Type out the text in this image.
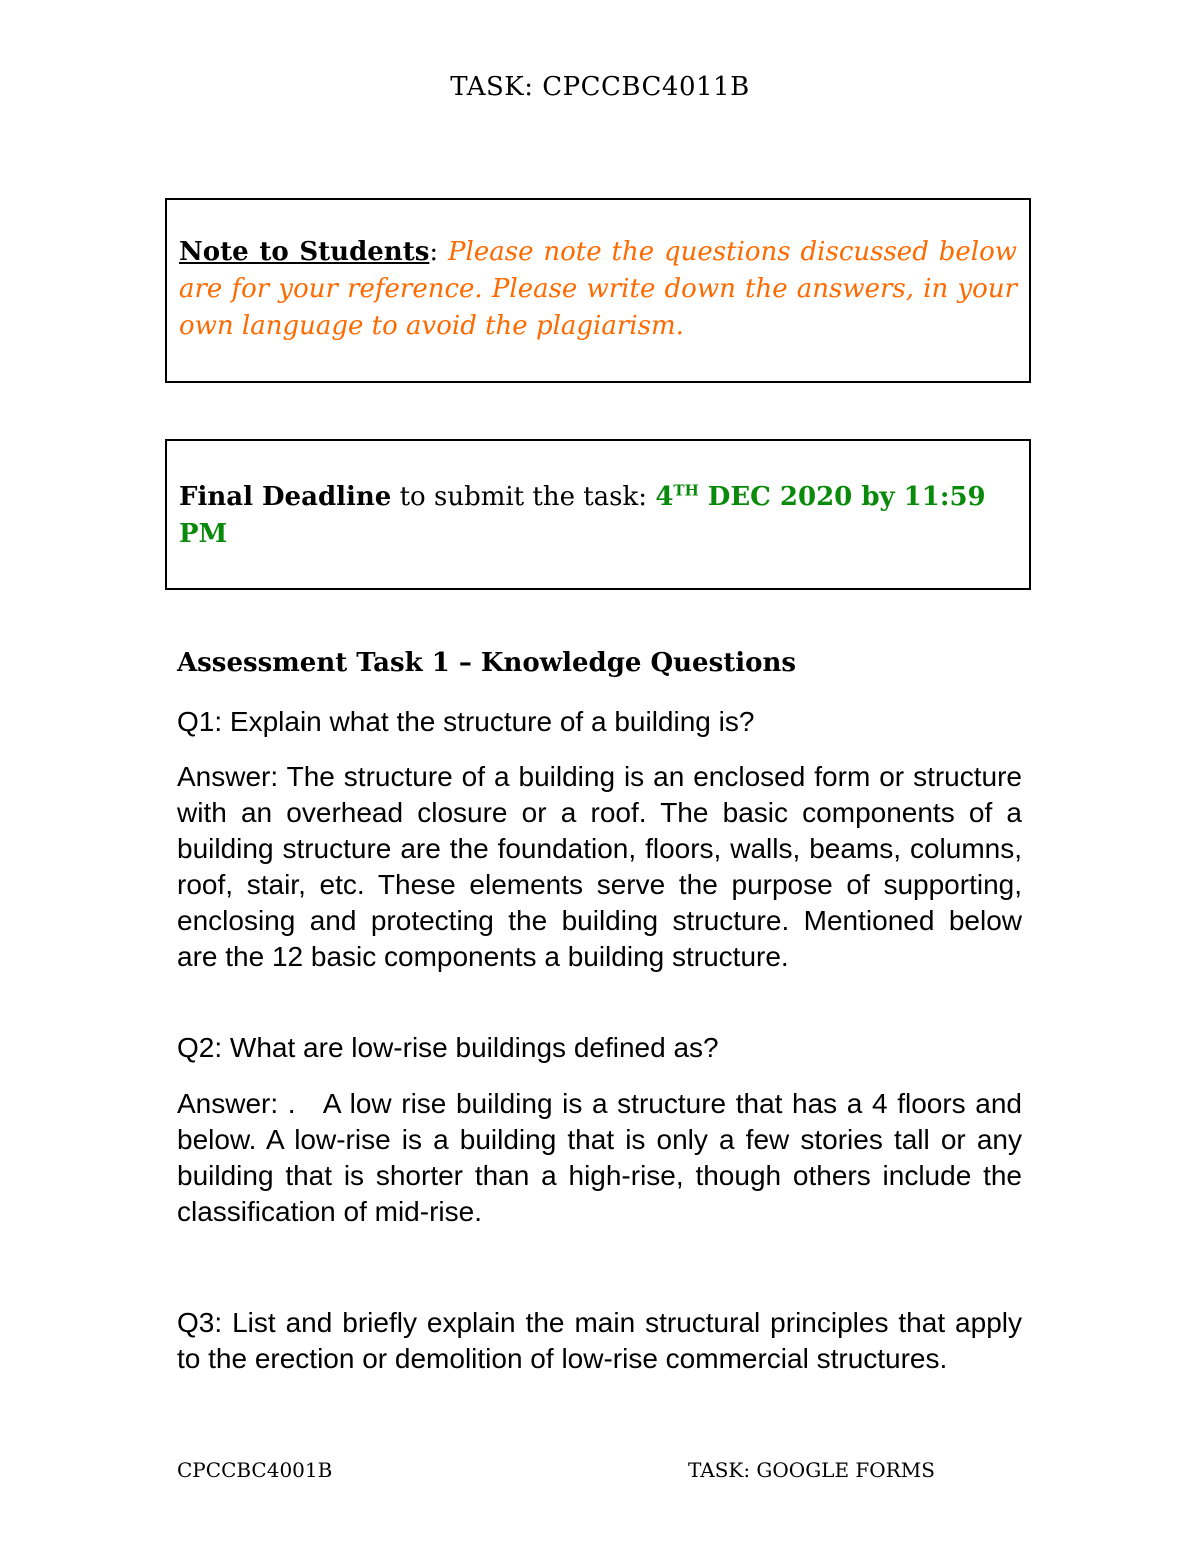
TASK: CPCCBC4011B
Note to Students: Please note the questions discussed below are for your reference. Please write down the answers, in your own language to avoid the plagiarism.
Final Deadline to submit the task: 4TH DEC 2020 by 11:59 PM
Assessment Task 1 – Knowledge Questions

Q1: Explain what the structure of a building is?

Answer: The structure of a building is an enclosed form or structure with an overhead closure or a roof. The basic components of a building structure are the foundation, floors, walls, beams, columns, roof, stair, etc. These elements serve the purpose of supporting, enclosing and protecting the building structure. Mentioned below are the 12 basic components a building structure.

Q2: What are low-rise buildings defined as?

Answer: .   A low rise building is a structure that has a 4 floors and below. A low-rise is a building that is only a few stories tall or any building that is shorter than a high-rise, though others include the classification of mid-rise.

Q3: List and briefly explain the main structural principles that apply to the erection or demolition of low-rise commercial structures.

CPCCBC4001B	TASK: GOOGLE FORMS
